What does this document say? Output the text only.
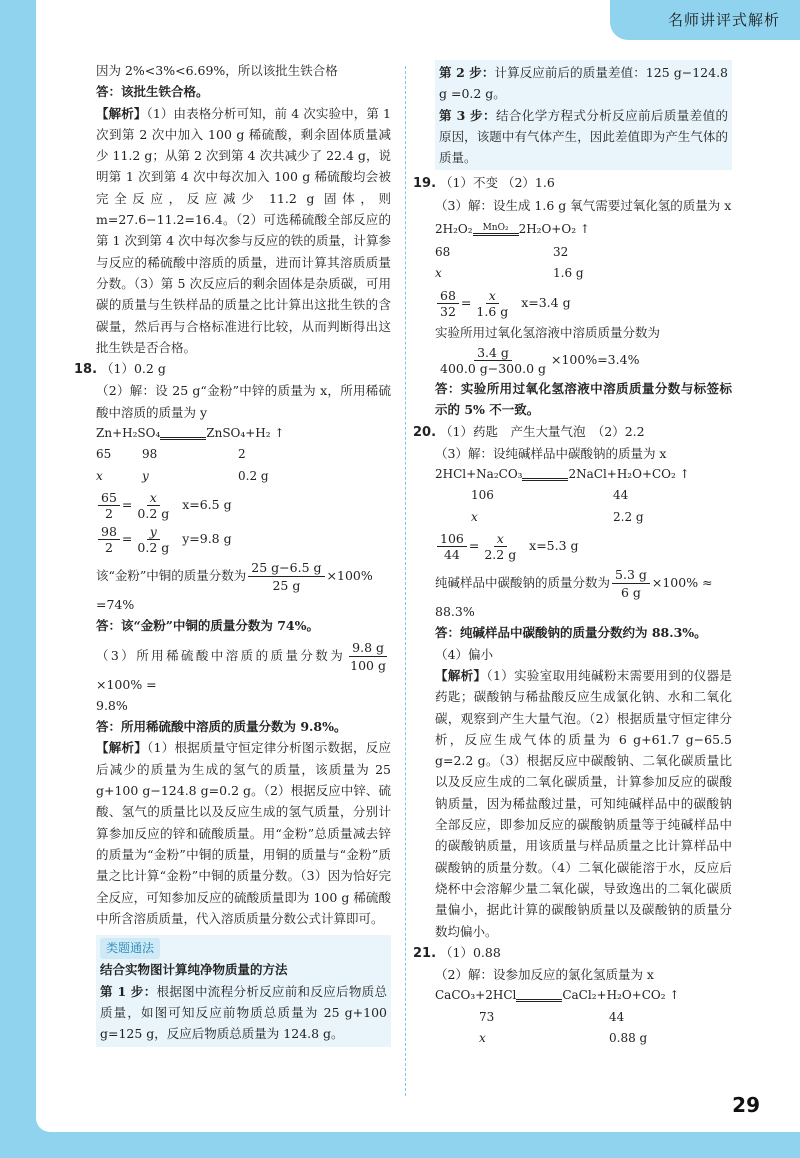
名师讲评式解析

因为 2%<3%<6.69%，所以该批生铁合格

答：该批生铁合格。

【解析】（1）由表格分析可知，前 4 次实验中，第 1 次到第 2 次中加入 100 g 稀硫酸，剩余固体质量减少 11.2 g；从第 2 次到第 4 次共减少了 22.4 g，说明第 1 次到第 4 次中每次加入 100 g 稀硫酸均会被完全反应，反应减少 11.2 g 固体，则 m=27.6−11.2=16.4。（2）可选稀硫酸全部反应的第 1 次到第 4 次中每次参与反应的铁的质量，计算参与反应的稀硫酸中溶质的质量，进而计算其溶质质量分数。（3）第 5 次反应后的剩余固体是杂质碳，可用碳的质量与生铁样品的质量之比计算出这批生铁的含碳量，然后再与合格标准进行比较，从而判断得出这批生铁是否合格。

18. （1）0.2 g

（2）解：设 25 g“金粉”中锌的质量为 x，所用稀硫酸中溶质的质量为 y

Zn+H₂SO₄	ZnSO₄+H₂ ↑

65	98	2

x	y	0.2 g

$\frac{65}{2} = \frac{x}{0.2 g} x=6.5$ g

$\frac{98}{2} = \frac{y}{0.2 g} y=9.8$ g

该“金粉”中铜的质量分数为 $\frac{25 g-6.5 g}{25 g} \times 100\%$

=74%

答：该“金粉”中铜的质量分数为 74%。

（3）所用稀硫酸中溶质的质量分数为 $\frac{9.8 g}{100 g}$
×100% =

9.8%

答：所用稀硫酸中溶质的质量分数为 9.8%。

【解析】（1）根据质量守恒定律分析图示数据，反应后减少的质量为生成的氢气的质量，该质量为 25 g+100 g−124.8 g=0.2 g。（2）根据反应中锌、硫酸、氢气的质量比以及反应生成的氢气质量，分别计算参加反应的锌和硫酸质量。用“金粉”总质量减去锌的质量为“金粉”中铜的质量，用铜的质量与“金粉”质量之比计算“金粉”中铜的质量分数。（3）因为恰好完全反应，可知参加反应的硫酸质量即为 100 g 稀硫酸中所含溶质质量，代入溶质质量分数公式计算即可。

类题通法

结合实物图计算纯净物质量的方法

第 1 步：根据图中流程分析反应前和反应后物质总质量，如图可知反应前物质总质量为 25 g+100 g=125 g，反应后物质总质量为 124.8 g。

第 2 步：计算反应前后的质量差值：125 g−124.8 g =0.2 g。

第 3 步：结合化学方程式分析反应前后质量差值的原因，该题中有气体产生，因此差值即为产生气体的质量。

19. （1）不变 （2）1.6

（3）解：设生成 1.6 g 氧气需要过氧化氢的质量为 x

2H₂O₂	MnO₂ 2H₂O+O₂ ↑

68	32

x	1.6 g

$\frac{68}{32} = \frac{x}{1.6 g} x=3.4$ g

实验所用过氧化氢溶液中溶质质量分数为

$\frac{3.4 g}{400.0 g-300.0 g} \times 100\%=3.4\%$

答：实验所用过氧化氢溶液中溶质质量分数与标签标示的 5% 不一致。

20. （1）药匙　产生大量气泡　（2）2.2

（3）解：设纯碱样品中碳酸钠的质量为 x

2HCl+Na₂CO₃	2NaCl+H₂O+CO₂ ↑

106	44

x	2.2 g

$\frac{106}{44} = \frac{x}{2.2 g} x=5.3$ g

纯碱样品中碳酸钠的质量分数为 $\frac{5.3 g}{6 g} \times 100\%$ ≈

88.3%

答：纯碱样品中碳酸钠的质量分数约为 88.3%。

（4）偏小

【解析】（1）实验室取用纯碱粉末需要用到的仪器是药匙；碳酸钠与稀盐酸反应生成氯化钠、水和二氧化碳，观察到产生大量气泡。（2）根据质量守恒定律分析，反应生成气体的质量为 6 g+61.7 g−65.5 g=2.2 g。（3）根据反应中碳酸钠、二氧化碳质量比以及反应生成的二氧化碳质量，计算参加反应的碳酸钠质量，因为稀盐酸过量，可知纯碱样品中的碳酸钠全部反应，即参加反应的碳酸钠质量等于纯碱样品中的碳酸钠质量，用该质量与样品质量之比计算样品中碳酸钠的质量分数。（4）二氧化碳能溶于水，反应后烧杯中会溶解少量二氧化碳，导致逸出的二氧化碳质量偏小，据此计算的碳酸钠质量以及碳酸钠的质量分数均偏小。

21. （1）0.88

（2）解：设参加反应的氯化氢质量为 x

CaCO₃+2HCl	CaCl₂+H₂O+CO₂ ↑

73	44

x	0.88 g

29
